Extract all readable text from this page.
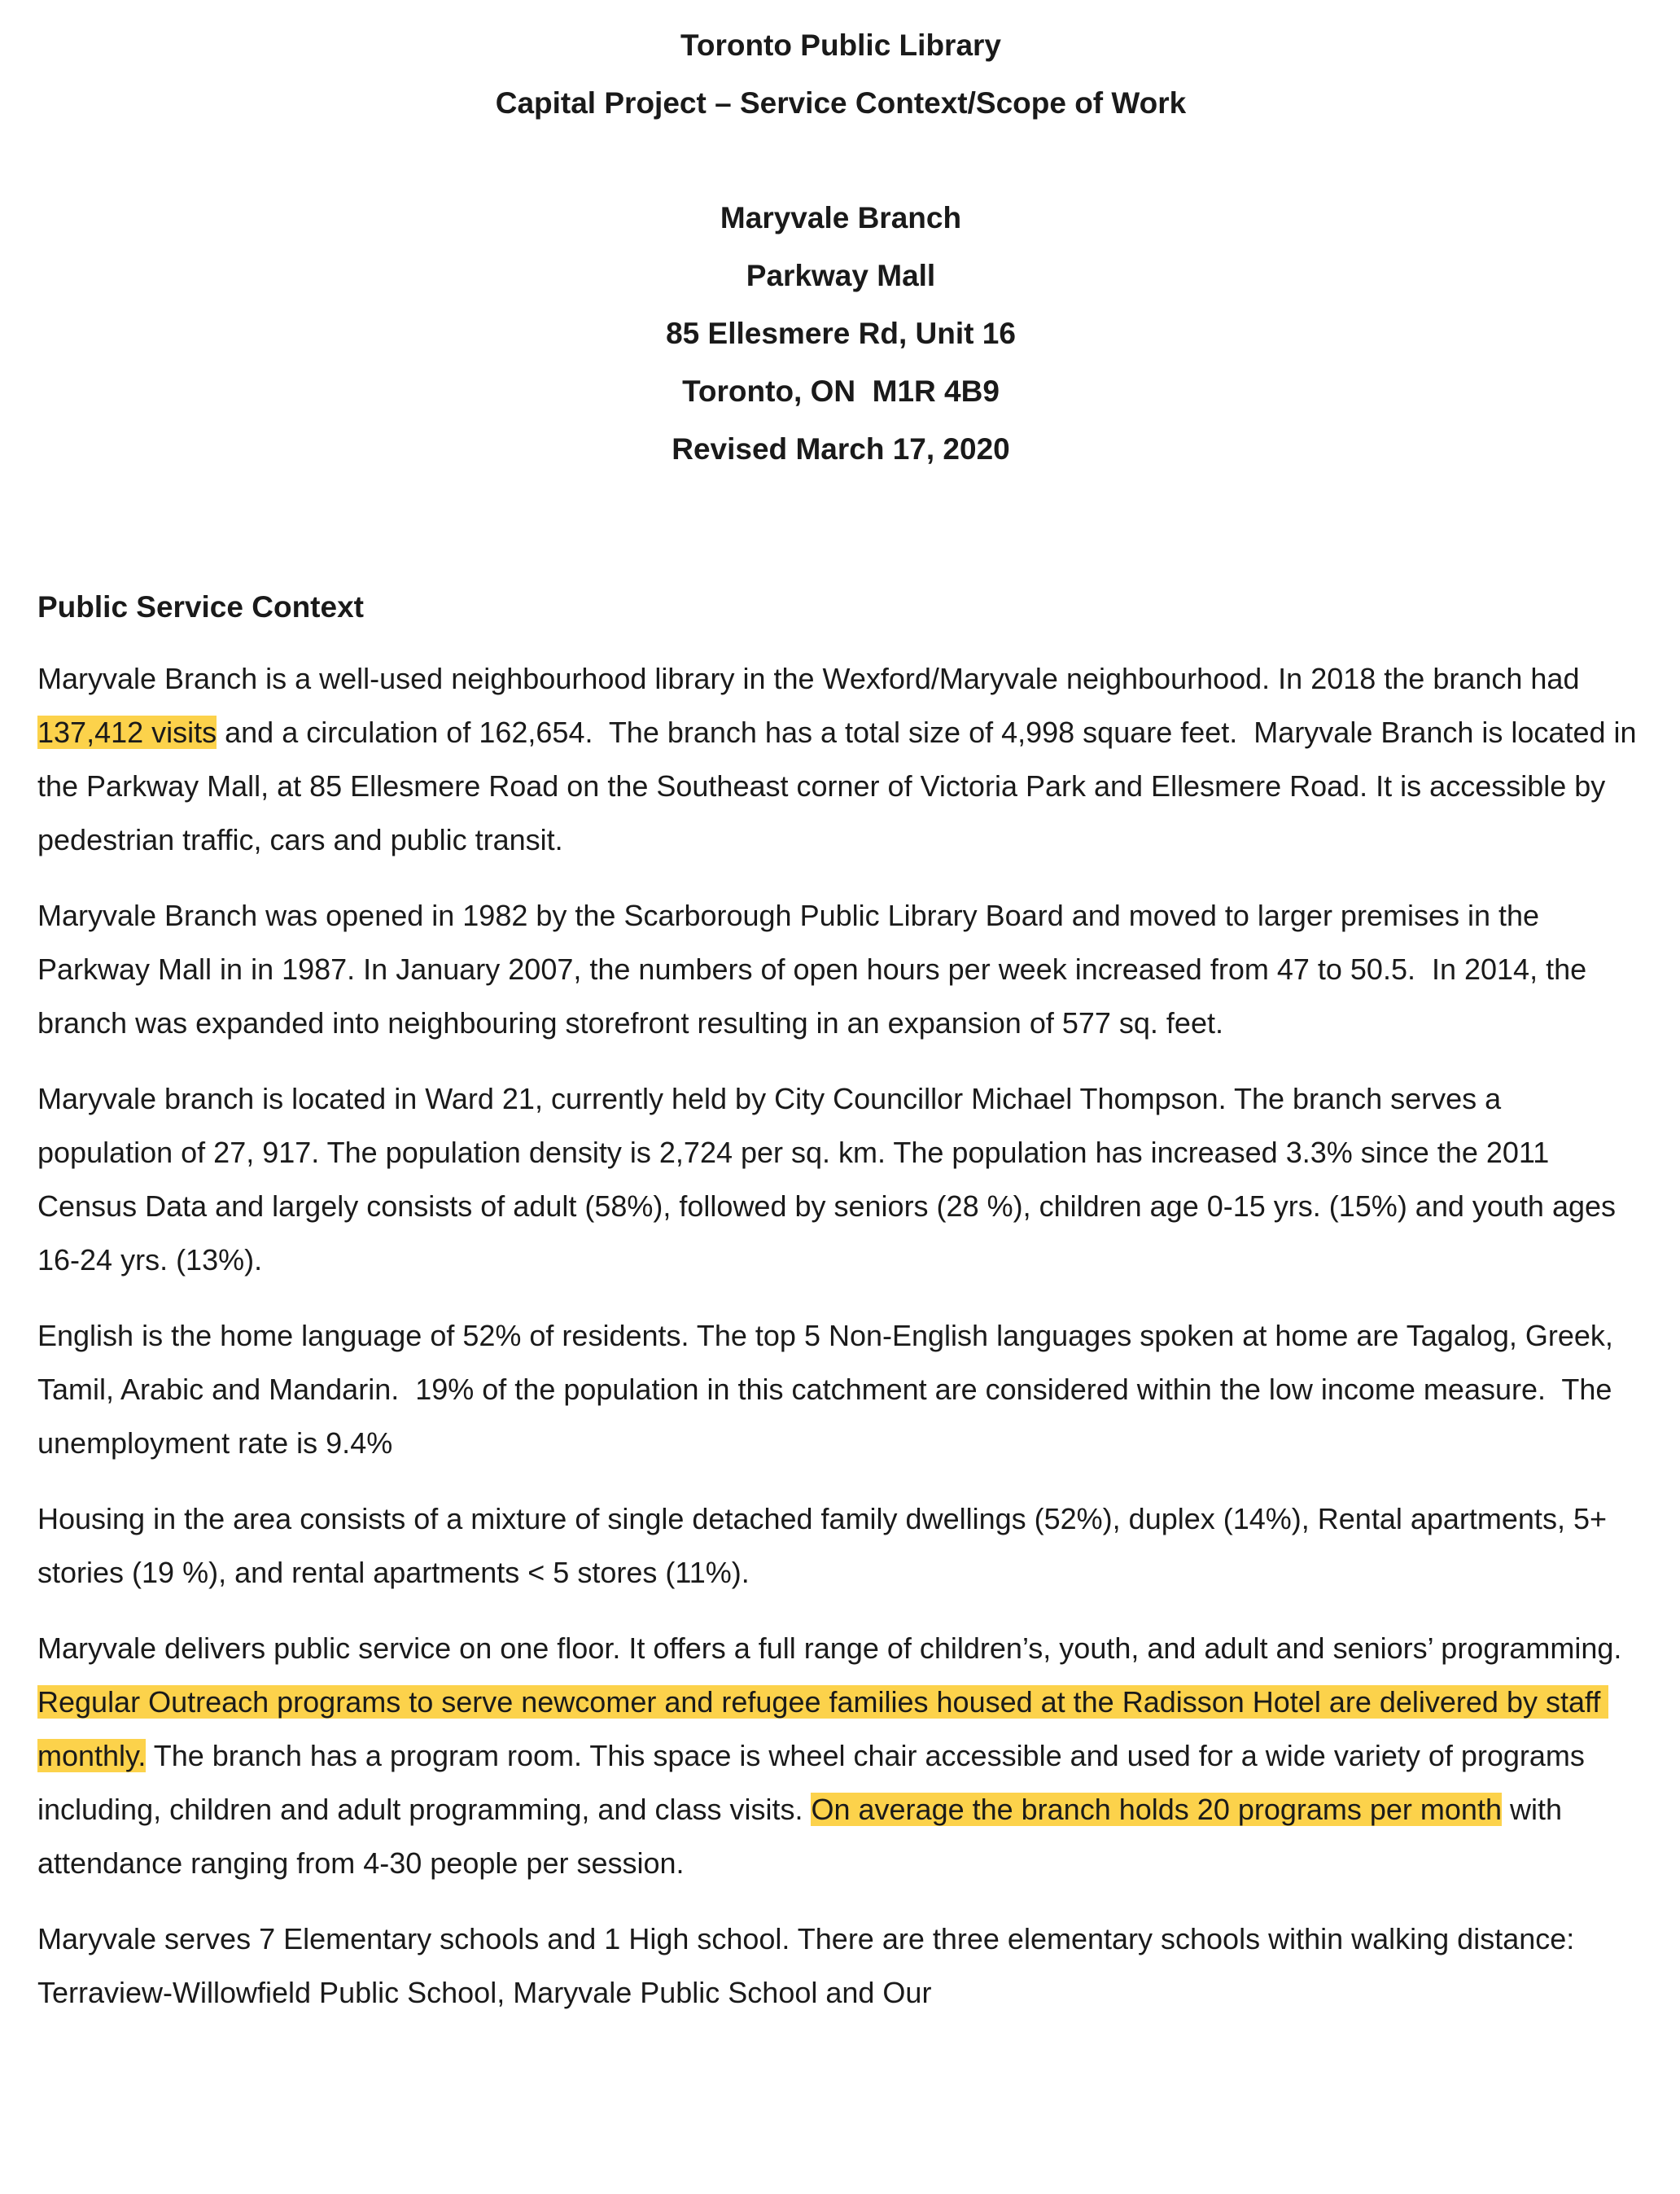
Toronto Public Library

Capital Project – Service Context/Scope of Work

Maryvale Branch

Parkway Mall

85 Ellesmere Rd, Unit 16

Toronto, ON  M1R 4B9

Revised March 17, 2020

Public Service Context

Maryvale Branch is a well-used neighbourhood library in the Wexford/Maryvale neighbourhood. In 2018 the branch had 137,412 visits and a circulation of 162,654.  The branch has a total size of 4,998 square feet.  Maryvale Branch is located in the Parkway Mall, at 85 Ellesmere Road on the Southeast corner of Victoria Park and Ellesmere Road. It is accessible by pedestrian traffic, cars and public transit.

Maryvale Branch was opened in 1982 by the Scarborough Public Library Board and moved to larger premises in the Parkway Mall in in 1987. In January 2007, the numbers of open hours per week increased from 47 to 50.5.  In 2014, the branch was expanded into neighbouring storefront resulting in an expansion of 577 sq. feet.

Maryvale branch is located in Ward 21, currently held by City Councillor Michael Thompson. The branch serves a population of 27, 917. The population density is 2,724 per sq. km. The population has increased 3.3% since the 2011 Census Data and largely consists of adult (58%), followed by seniors (28 %), children age 0-15 yrs. (15%) and youth ages 16-24 yrs. (13%).

English is the home language of 52% of residents. The top 5 Non-English languages spoken at home are Tagalog, Greek, Tamil, Arabic and Mandarin.  19% of the population in this catchment are considered within the low income measure.  The unemployment rate is 9.4%

Housing in the area consists of a mixture of single detached family dwellings (52%), duplex (14%), Rental apartments, 5+ stories (19 %), and rental apartments < 5 stores (11%).

Maryvale delivers public service on one floor. It offers a full range of children’s, youth, and adult and seniors’ programming. Regular Outreach programs to serve newcomer and refugee families housed at the Radisson Hotel are delivered by staff monthly. The branch has a program room. This space is wheel chair accessible and used for a wide variety of programs including, children and adult programming, and class visits. On average the branch holds 20 programs per month with attendance ranging from 4-30 people per session.

Maryvale serves 7 Elementary schools and 1 High school. There are three elementary schools within walking distance: Terraview-Willowfield Public School, Maryvale Public School and Our
